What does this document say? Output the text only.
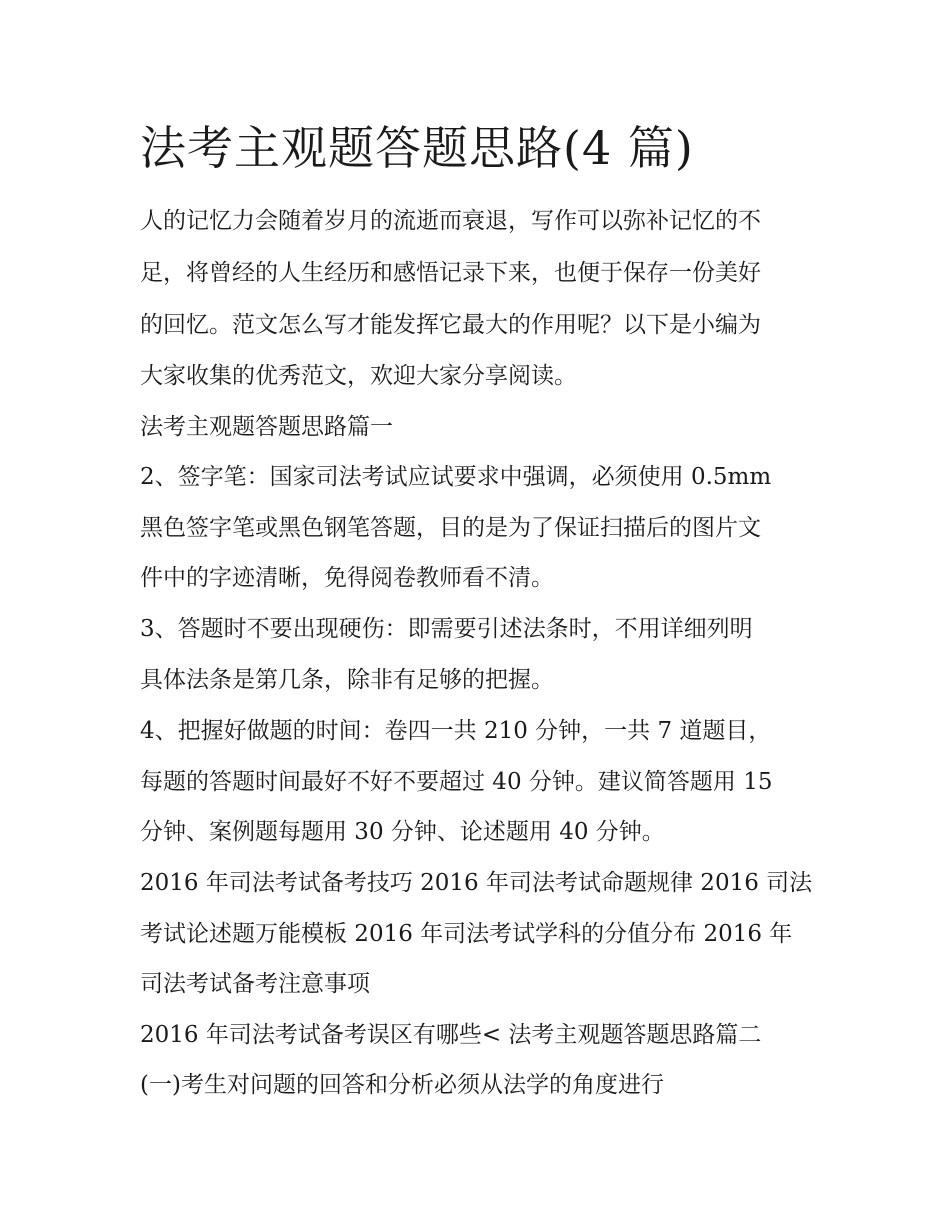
法考主观题答题思路(4 篇)

人的记忆力会随着岁月的流逝而衰退，写作可以弥补记忆的不

足，将曾经的人生经历和感悟记录下来，也便于保存一份美好

的回忆。范文怎么写才能发挥它最大的作用呢？以下是小编为

大家收集的优秀范文，欢迎大家分享阅读。

法考主观题答题思路篇一

2、签字笔：国家司法考试应试要求中强调，必须使用 0.5mm

黑色签字笔或黑色钢笔答题，目的是为了保证扫描后的图片文

件中的字迹清晰，免得阅卷教师看不清。

3、答题时不要出现硬伤：即需要引述法条时，不用详细列明

具体法条是第几条，除非有足够的把握。

4、把握好做题的时间：卷四一共 210 分钟，一共 7 道题目，

每题的答题时间最好不好不要超过 40 分钟。建议简答题用 15

分钟、案例题每题用 30 分钟、论述题用 40 分钟。

2016 年司法考试备考技巧 2016 年司法考试命题规律 2016 司法

考试论述题万能模板 2016 年司法考试学科的分值分布 2016 年

司法考试备考注意事项

2016 年司法考试备考误区有哪些< 法考主观题答题思路篇二

(一)考生对问题的回答和分析必须从法学的角度进行
